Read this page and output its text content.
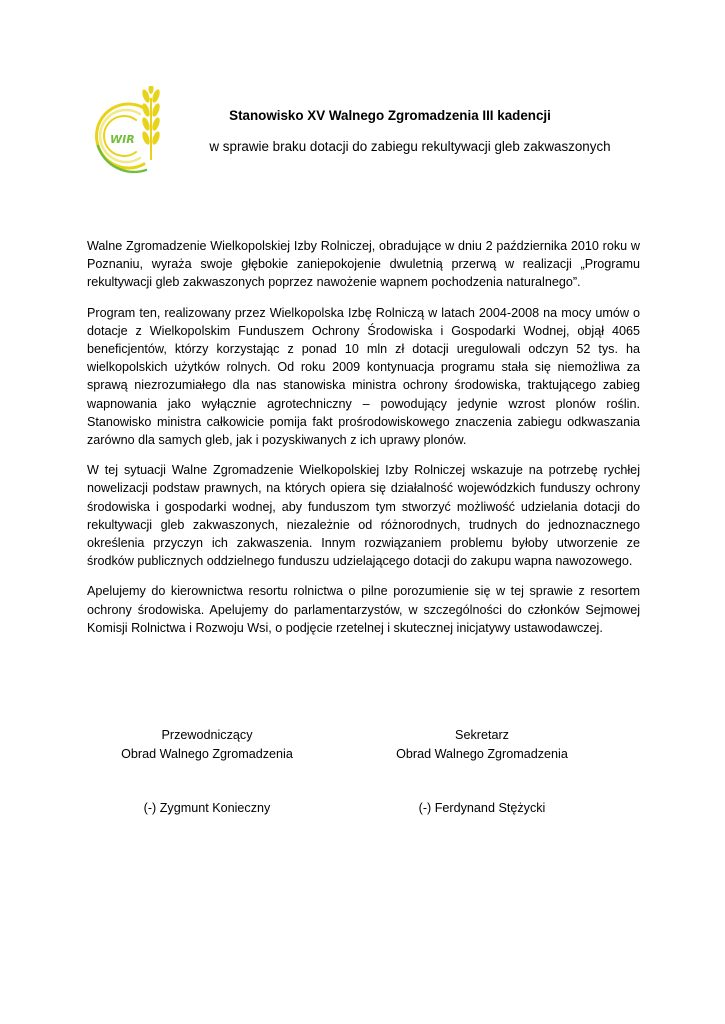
WIR
Stanowisko XV Walnego Zgromadzenia III kadencji

w sprawie braku dotacji do zabiegu rekultywacji gleb zakwaszonych

Walne Zgromadzenie Wielkopolskiej Izby Rolniczej, obradujące w dniu 2 października 2010 roku w Poznaniu, wyraża swoje głębokie zaniepokojenie dwuletnią przerwą w realizacji „Programu rekultywacji gleb zakwaszonych poprzez nawożenie wapnem pochodzenia naturalnego”.

Program ten, realizowany przez Wielkopolska Izbę Rolniczą w latach 2004-2008 na mocy umów o dotacje z Wielkopolskim Funduszem Ochrony Środowiska i Gospodarki Wodnej, objął 4065 beneficjentów, którzy korzystając z ponad 10 mln zł dotacji uregulowali odczyn 52 tys. ha wielkopolskich użytków rolnych. Od roku 2009 kontynuacja programu stała się niemożliwa za sprawą niezrozumiałego dla nas stanowiska ministra ochrony środowiska, traktującego zabieg wapnowania jako wyłącznie agrotechniczny – powodujący jedynie wzrost plonów roślin. Stanowisko ministra całkowicie pomija fakt prośrodowiskowego znaczenia zabiegu odkwaszania zarówno dla samych gleb, jak i pozyskiwanych z ich uprawy plonów.

W tej sytuacji Walne Zgromadzenie Wielkopolskiej Izby Rolniczej wskazuje na potrzebę rychłej nowelizacji podstaw prawnych, na których opiera się działalność wojewódzkich funduszy ochrony środowiska i gospodarki wodnej, aby funduszom tym stworzyć możliwość udzielania dotacji do rekultywacji gleb zakwaszonych, niezależnie od różnorodnych, trudnych do jednoznacznego określenia przyczyn ich zakwaszenia. Innym rozwiązaniem problemu byłoby utworzenie ze środków publicznych oddzielnego funduszu udzielającego dotacji do zakupu wapna nawozowego.

Apelujemy do kierownictwa resortu rolnictwa o pilne porozumienie się w tej sprawie z resortem ochrony środowiska. Apelujemy do parlamentarzystów, w szczególności do członków Sejmowej Komisji Rolnictwa i Rozwoju Wsi, o podjęcie rzetelnej i skutecznej inicjatywy ustawodawczej.

Przewodniczący
Obrad Walnego Zgromadzenia
(-) Zygmunt Konieczny
Sekretarz
Obrad Walnego Zgromadzenia
(-) Ferdynand Stężycki
